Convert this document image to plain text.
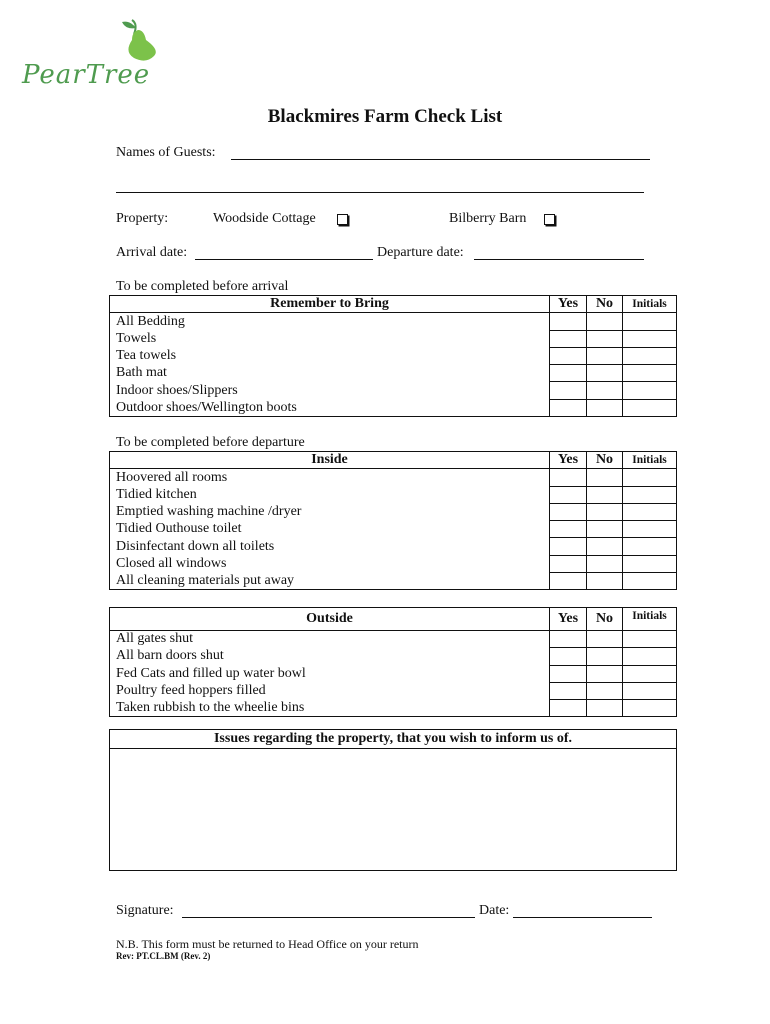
PearTree
Blackmires Farm Check List
Names of Guests:
Property:	Woodside Cottage	Bilberry Barn
Arrival date:	Departure date:
To be completed before arrival
Remember to Bring	Yes	No	Initials
All Bedding			
Towels			
Tea towels			
Bath mat			
Indoor shoes/Slippers			
Outdoor shoes/Wellington boots			
To be completed before departure
Inside	Yes	No	Initials
Hoovered all rooms			
Tidied kitchen			
Emptied washing machine /dryer			
Tidied Outhouse toilet			
Disinfectant down all toilets			
Closed all windows			
All cleaning materials put away			
Outside	Yes	No	Initials
All gates shut			
All barn doors shut			
Fed Cats and filled up water bowl			
Poultry feed hoppers filled			
Taken rubbish to the wheelie bins			
Issues regarding the property, that you wish to inform us of.
Signature:	Date:
N.B. This form must be returned to Head Office on your return
Rev: PT.CL.BM (Rev. 2)
